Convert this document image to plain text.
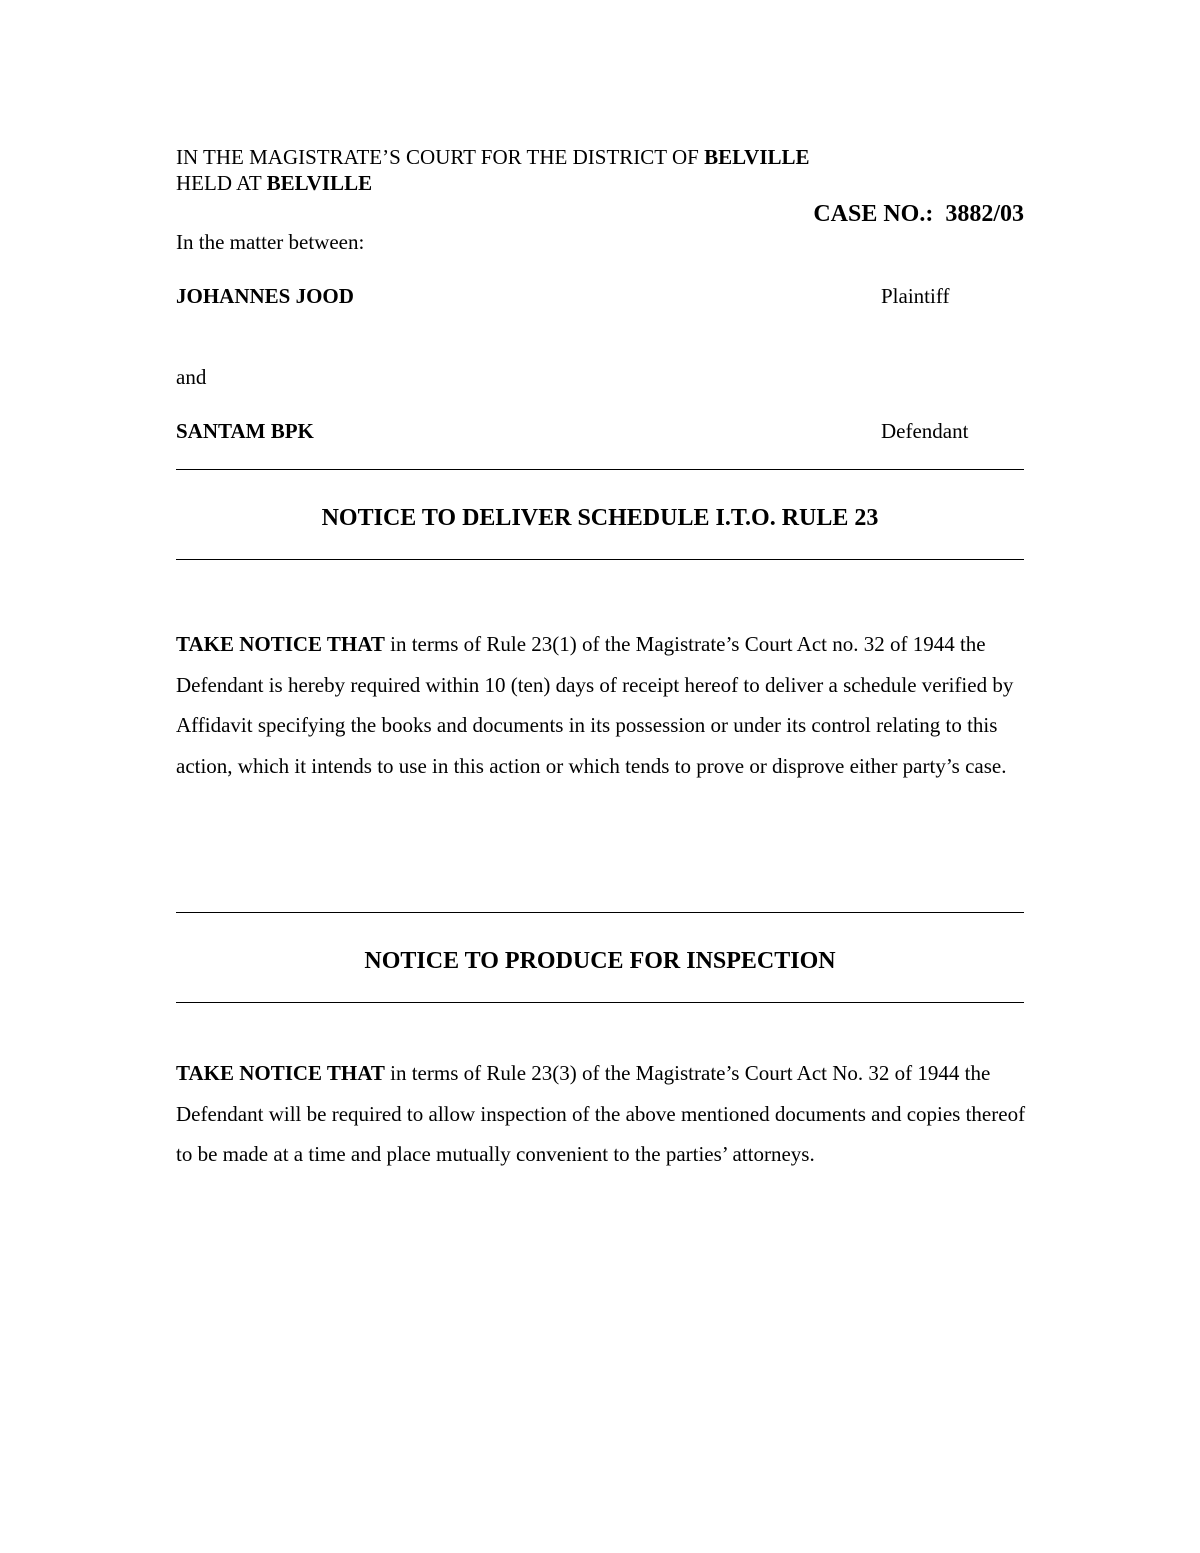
IN THE MAGISTRATE’S COURT FOR THE DISTRICT OF BELVILLE
HELD AT BELVILLE
CASE NO.: 3882/03
In the matter between:
JOHANNES JOOD	Plaintiff
and
SANTAM BPK	Defendant
NOTICE TO DELIVER SCHEDULE I.T.O. RULE 23
TAKE NOTICE THAT in terms of Rule 23(1) of the Magistrate’s Court Act no. 32 of 1944 the Defendant is hereby required within 10 (ten) days of receipt hereof to deliver a schedule verified by Affidavit specifying the books and documents in its possession or under its control relating to this action, which it intends to use in this action or which tends to prove or disprove either party’s case.
NOTICE TO PRODUCE FOR INSPECTION
TAKE NOTICE THAT in terms of Rule 23(3) of the Magistrate’s Court Act No. 32 of 1944 the Defendant will be required to allow inspection of the above mentioned documents and copies thereof to be made at a time and place mutually convenient to the parties’ attorneys.
